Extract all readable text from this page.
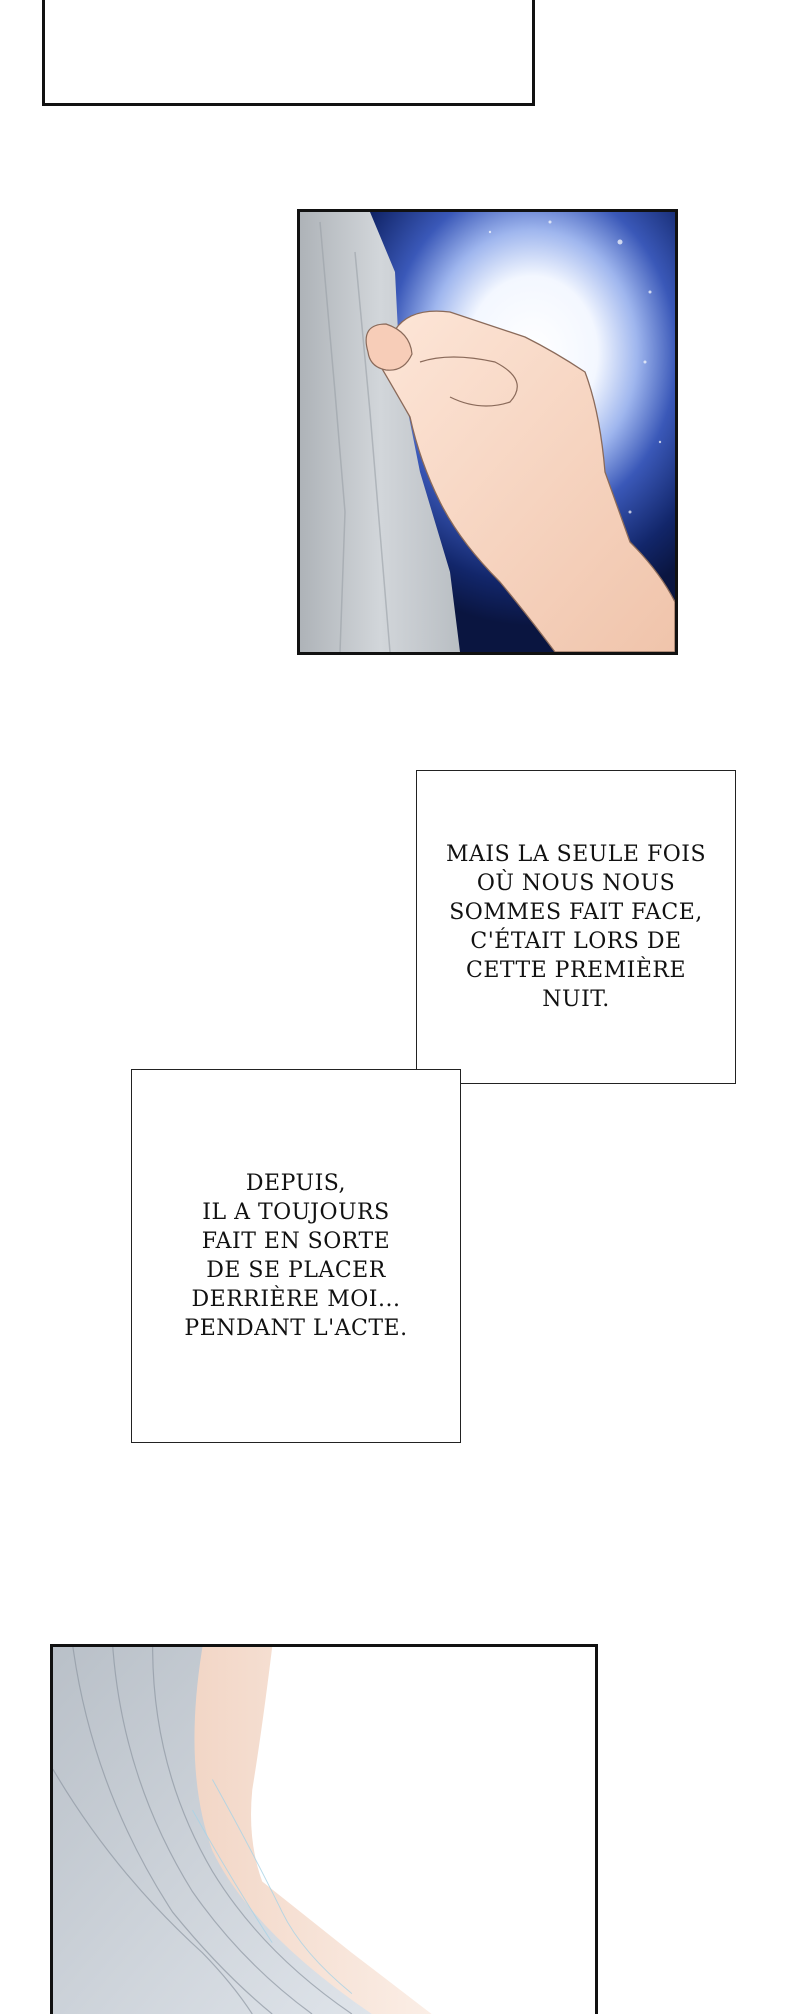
MAIS LA SEULE FOIS
OÙ NOUS NOUS
SOMMES FAIT FACE,
C'ÉTAIT LORS DE
CETTE PREMIÈRE
NUIT.

DEPUIS,
IL A TOUJOURS
FAIT EN SORTE
DE SE PLACER
DERRIÈRE MOI...
PENDANT L'ACTE.
